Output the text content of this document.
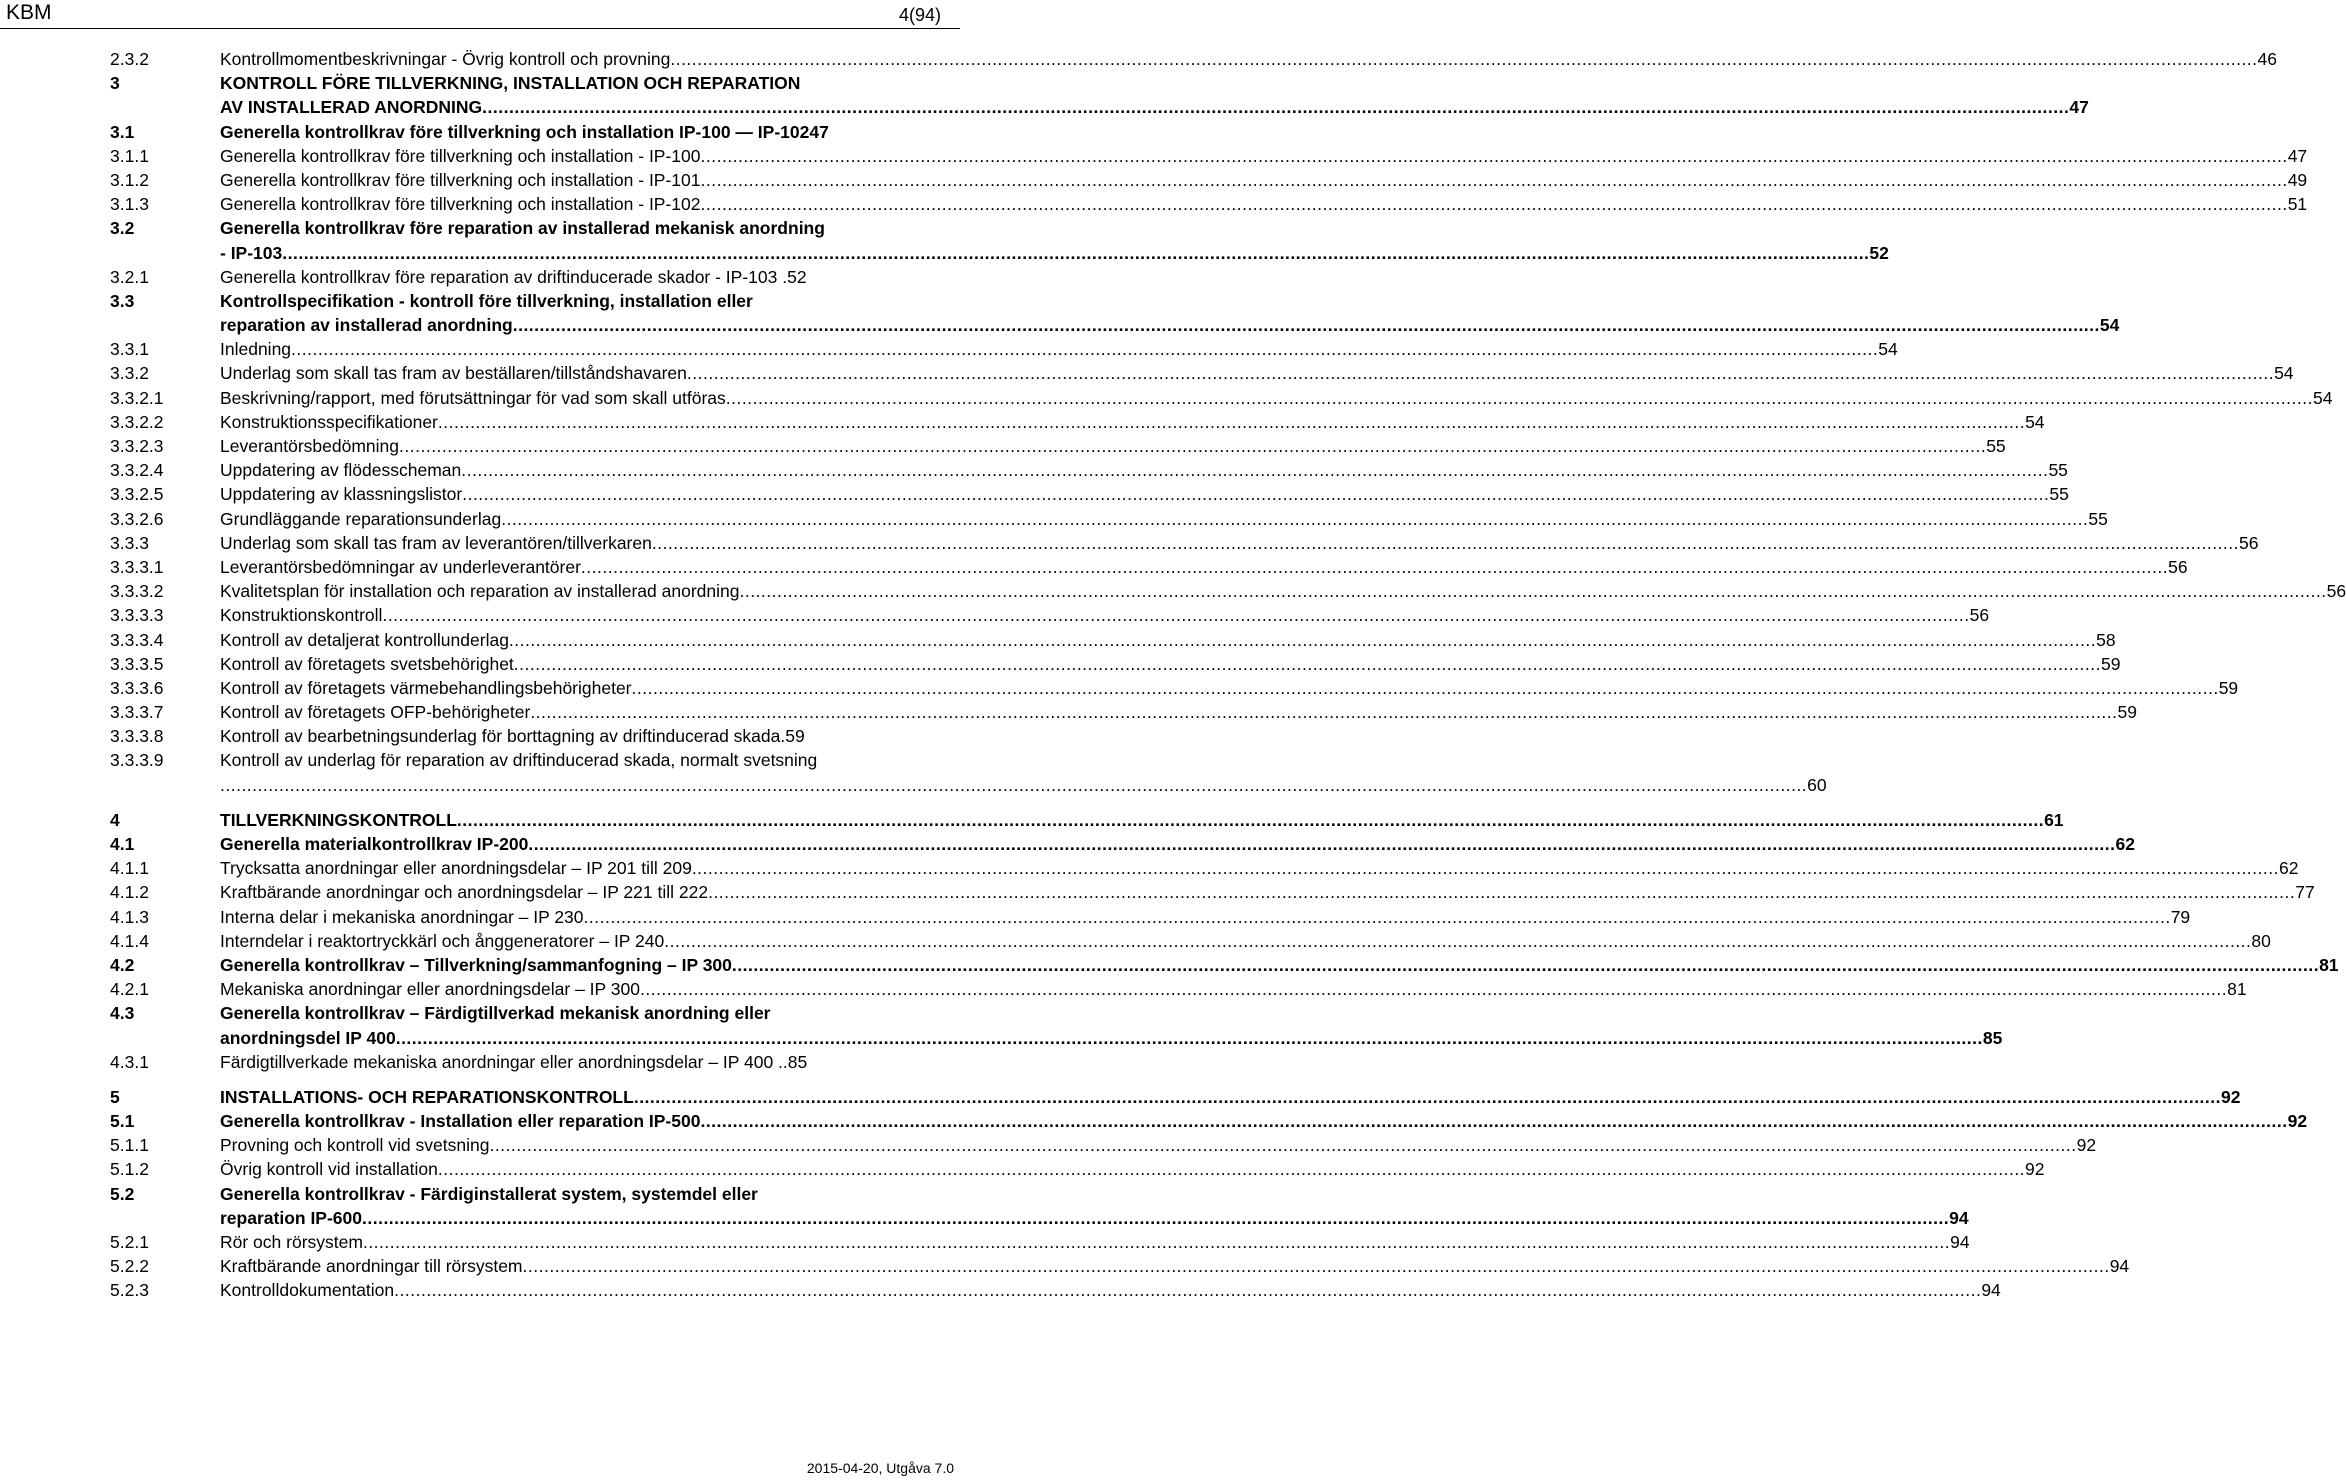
KBM	4(94)
2.3.2	Kontrollmomentbeskrivningar - Övrig kontroll och provning ........................................................................................................................................................................................................................................................................................................ 46
3	KONTROLL FÖRE TILLVERKNING, INSTALLATION OCH REPARATION
AV INSTALLERAD ANORDNING ........................................................................................................................................................................................................................................................................................................ 47
3.1	Generella kontrollkrav före tillverkning och installation IP-100 — IP-10247
3.1.1	Generella kontrollkrav före tillverkning och installation - IP-100 ........................................................................................................................................................................................................................................................................................................ 47
3.1.2	Generella kontrollkrav före tillverkning och installation - IP-101 ........................................................................................................................................................................................................................................................................................................ 49
3.1.3	Generella kontrollkrav före tillverkning och installation - IP-102 ........................................................................................................................................................................................................................................................................................................ 51
3.2	Generella kontrollkrav före reparation av installerad mekanisk anordning
- IP-103 ........................................................................................................................................................................................................................................................................................................ 52
3.2.1	Generella kontrollkrav före reparation av driftinducerade skador - IP-103 .52
3.3	Kontrollspecifikation - kontroll före tillverkning, installation eller
reparation av installerad anordning ........................................................................................................................................................................................................................................................................................................ 54
3.3.1	Inledning ........................................................................................................................................................................................................................................................................................................ 54
3.3.2	Underlag som skall tas fram av beställaren/tillståndshavaren ........................................................................................................................................................................................................................................................................................................ 54
3.3.2.1	Beskrivning/rapport, med förutsättningar för vad som skall utföras ........................................................................................................................................................................................................................................................................................................ 54
3.3.2.2	Konstruktionsspecifikationer ........................................................................................................................................................................................................................................................................................................ 54
3.3.2.3	Leverantörsbedömning ........................................................................................................................................................................................................................................................................................................ 55
3.3.2.4	Uppdatering av flödesscheman ........................................................................................................................................................................................................................................................................................................ 55
3.3.2.5	Uppdatering av klassningslistor ........................................................................................................................................................................................................................................................................................................ 55
3.3.2.6	Grundläggande reparationsunderlag ........................................................................................................................................................................................................................................................................................................ 55
3.3.3	Underlag som skall tas fram av leverantören/tillverkaren ........................................................................................................................................................................................................................................................................................................ 56
3.3.3.1	Leverantörsbedömningar av underleverantörer ........................................................................................................................................................................................................................................................................................................ 56
3.3.3.2	Kvalitetsplan för installation och reparation av installerad anordning ........................................................................................................................................................................................................................................................................................................ 56
3.3.3.3	Konstruktionskontroll ........................................................................................................................................................................................................................................................................................................ 56
3.3.3.4	Kontroll av detaljerat kontrollunderlag ........................................................................................................................................................................................................................................................................................................ 58
3.3.3.5	Kontroll av företagets svetsbehörighet ........................................................................................................................................................................................................................................................................................................ 59
3.3.3.6	Kontroll av företagets värmebehandlingsbehörigheter ........................................................................................................................................................................................................................................................................................................ 59
3.3.3.7	Kontroll av företagets OFP-behörigheter ........................................................................................................................................................................................................................................................................................................ 59
3.3.3.8	Kontroll av bearbetningsunderlag för borttagning av driftinducerad skada.59
3.3.3.9	Kontroll av underlag för reparation av driftinducerad skada, normalt svetsning
........................................................................................................................................................................................................................................................................................................ 60
4	TILLVERKNINGSKONTROLL ........................................................................................................................................................................................................................................................................................................ 61
4.1	Generella materialkontrollkrav IP-200 ........................................................................................................................................................................................................................................................................................................ 62
4.1.1	Trycksatta anordningar eller anordningsdelar – IP 201 till 209 ........................................................................................................................................................................................................................................................................................................ 62
4.1.2	Kraftbärande anordningar och anordningsdelar – IP 221 till 222 ........................................................................................................................................................................................................................................................................................................ 77
4.1.3	Interna delar i mekaniska anordningar – IP 230 ........................................................................................................................................................................................................................................................................................................ 79
4.1.4	Interndelar i reaktortryckkärl och ånggeneratorer – IP 240 ........................................................................................................................................................................................................................................................................................................ 80
4.2	Generella kontrollkrav – Tillverkning/sammanfogning – IP 300 ........................................................................................................................................................................................................................................................................................................ 81
4.2.1	Mekaniska anordningar eller anordningsdelar – IP 300 ........................................................................................................................................................................................................................................................................................................ 81
4.3	Generella kontrollkrav – Färdigtillverkad mekanisk anordning eller
anordningsdel IP 400 ........................................................................................................................................................................................................................................................................................................ 85
4.3.1	Färdigtillverkade mekaniska anordningar eller anordningsdelar – IP 400 ..85
5	INSTALLATIONS- OCH REPARATIONSKONTROLL ........................................................................................................................................................................................................................................................................................................ 92
5.1	Generella kontrollkrav - Installation eller reparation IP-500 ........................................................................................................................................................................................................................................................................................................ 92
5.1.1	Provning och kontroll vid svetsning ........................................................................................................................................................................................................................................................................................................ 92
5.1.2	Övrig kontroll vid installation ........................................................................................................................................................................................................................................................................................................ 92
5.2	Generella kontrollkrav - Färdiginstallerat system, systemdel eller
reparation IP-600 ........................................................................................................................................................................................................................................................................................................ 94
5.2.1	Rör och rörsystem ........................................................................................................................................................................................................................................................................................................ 94
5.2.2	Kraftbärande anordningar till rörsystem ........................................................................................................................................................................................................................................................................................................ 94
5.2.3	Kontrolldokumentation ........................................................................................................................................................................................................................................................................................................ 94
2015-04-20, Utgåva 7.0
